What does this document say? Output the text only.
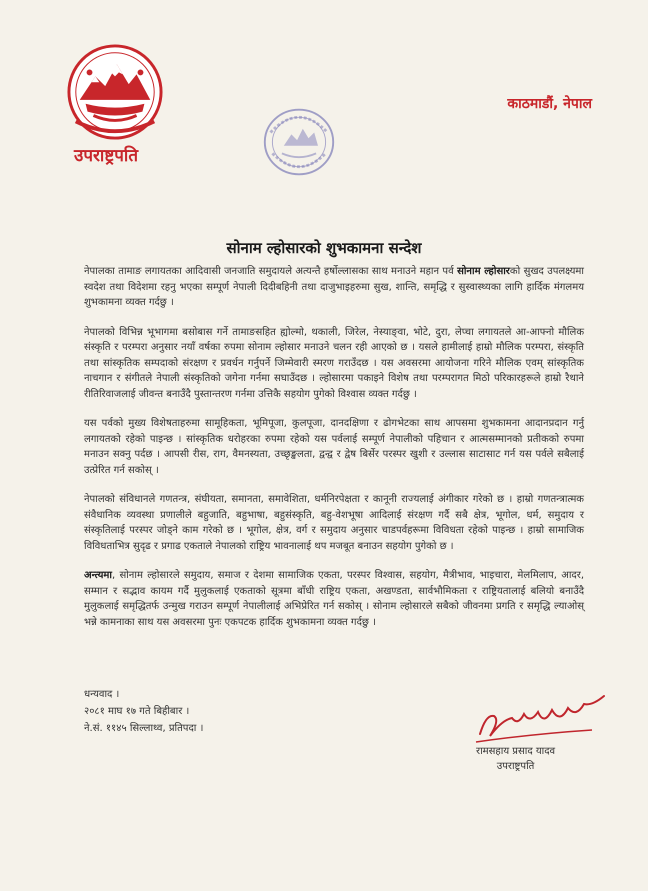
उपराष्ट्रपति
काठमाडौं, नेपाल
सोनाम ल्होसारको शुभकामना सन्देश

नेपालका तामाङ लगायतका आदिवासी जनजाति समुदायले अत्यन्तै हर्षोल्लासका साथ मनाउने महान पर्व सोनाम ल्होसारको सुखद उपलक्ष्यमा स्वदेश तथा विदेशमा रहनु भएका सम्पूर्ण नेपाली दिदीबहिनी तथा दाजुभाइहरुमा सुख, शान्ति, समृद्धि र सुस्वास्थ्यका लागि हार्दिक मंगलमय शुभकामना व्यक्त गर्दछु ।

नेपालको विभिन्न भूभागमा बसोबास गर्ने तामाङसहित ह्योल्मो, थकाली, जिरेल, नेस्याङ्वा, भोटे, दुरा, लेप्चा लगायतले आ-आफ्नो मौलिक संस्कृति र परम्परा अनुसार नयाँ वर्षका रुपमा सोनाम ल्होसार मनाउने चलन रही आएको छ । यसले हामीलाई हाम्रो मौलिक परम्परा, संस्कृति तथा सांस्कृतिक सम्पदाको संरक्षण र प्रवर्धन गर्नुपर्ने जिम्मेवारी स्मरण गराउँदछ । यस अवसरमा आयोजना गरिने मौलिक एवम् सांस्कृतिक नाचगान र संगीतले नेपाली संस्कृतिको जगेना गर्नमा सघाउँदछ । ल्होसारमा पकाइने विशेष तथा परम्परागत मिठो परिकारहरूले हाम्रो रैथाने रीतिरिवाजलाई जीवन्त बनाउँदै पुस्तान्तरण गर्नमा उत्तिकै सहयोग पुगेको विश्वास व्यक्त गर्दछु ।

यस पर्वको मुख्य विशेषताहरुमा सामूहिकता, भूमिपूजा, कुलपूजा, दानदक्षिणा र ढोगभेटका साथ आपसमा शुभकामना आदानप्रदान गर्नु लगायतको रहेको पाइन्छ । सांस्कृतिक धरोहरका रुपमा रहेको यस पर्वलाई सम्पूर्ण नेपालीको पहिचान र आत्मसम्मानको प्रतीकको रुपमा मनाउन सक्नु पर्दछ । आपसी रीस, राग, वैमनस्यता, उच्छृङ्खलता, द्वन्द्व र द्वेष बिर्सेर परस्पर खुशी र उल्लास साटासाट गर्न यस पर्वले सबैलाई उत्प्रेरित गर्न सकोस् ।

नेपालको संविधानले गणतन्त्र, संघीयता, समानता, समावेशिता, धर्मनिरपेक्षता र कानूनी राज्यलाई अंगीकार गरेको छ । हाम्रो गणतन्त्रात्मक संवैधानिक व्यवस्था प्रणालीले बहुजाति, बहुभाषा, बहुसंस्कृति, बहु-वेशभूषा आदिलाई संरक्षण गर्दै सबै क्षेत्र, भूगोल, धर्म, समुदाय र संस्कृतिलाई परस्पर जोड्ने काम गरेको छ । भूगोल, क्षेत्र, वर्ग र समुदाय अनुसार चाडपर्वहरूमा विविधता रहेको पाइन्छ । हाम्रो सामाजिक विविधताभित्र सुदृढ र प्रगाढ एकताले नेपालको राष्ट्रिय भावनालाई थप मजबूत बनाउन सहयोग पुगेको छ ।

अन्त्यमा, सोनाम ल्होसारले समुदाय, समाज र देशमा सामाजिक एकता, परस्पर विश्वास, सहयोग, मैत्रीभाव, भाइचारा, मेलमिलाप, आदर, सम्मान र सद्भाव कायम गर्दै मुलुकलाई एकताको सूत्रमा बाँधी राष्ट्रिय एकता, अखण्डता, सार्वभौमिकता र राष्ट्रियतालाई बलियो बनाउँदै मुलुकलाई समृद्धितर्फ उन्मुख गराउन सम्पूर्ण नेपालीलाई अभिप्रेरित गर्न सकोस् । सोनाम ल्होसारले सबैको जीवनमा प्रगति र समृद्धि ल्याओस् भन्ने कामनाका साथ यस अवसरमा पुनः एकपटक हार्दिक शुभकामना व्यक्त गर्दछु ।

धन्यवाद ।
२०८१ माघ १७ गते बिहीबार ।
ने.सं. ११४५ सिल्लाथ्व, प्रतिपदा ।
रामसहाय प्रसाद यादव
उपराष्ट्रपति
